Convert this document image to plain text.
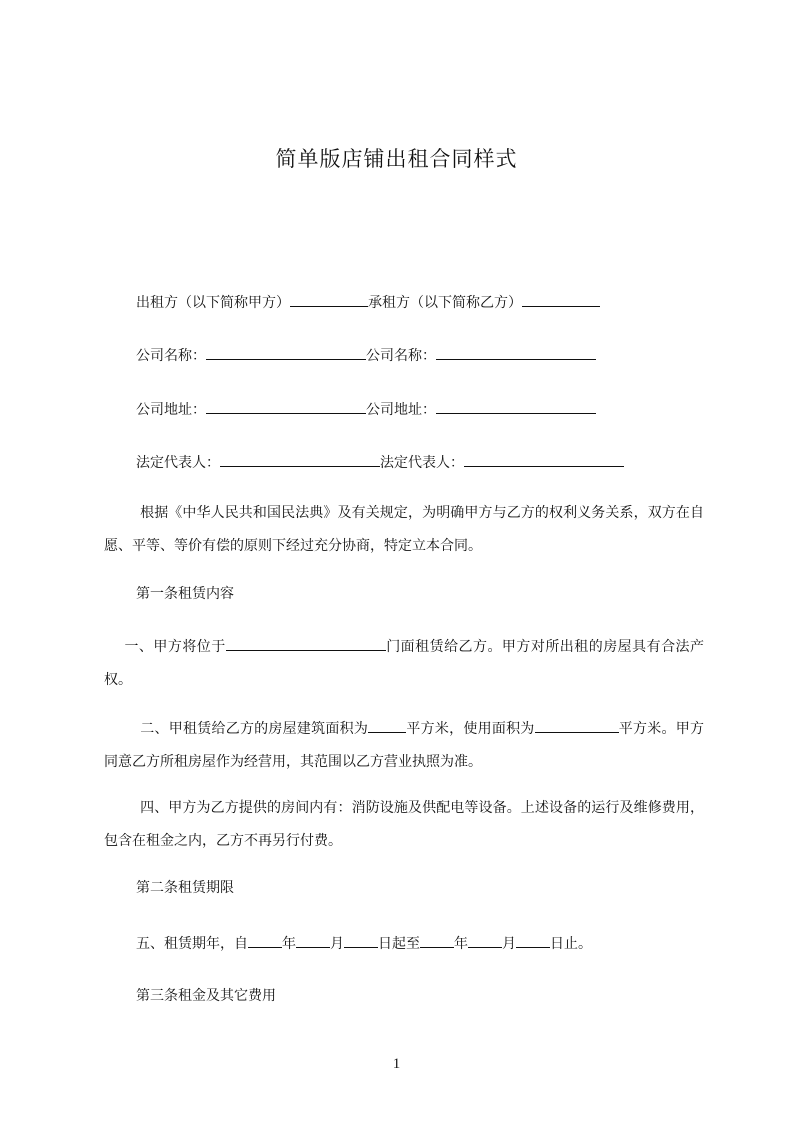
简单版店铺出租合同样式
出租方（以下简称甲方）	承租方（以下简称乙方）
公司名称：	公司名称：
公司地址：	公司地址：
法定代表人：	法定代表人：
根据《中华人民共和国民法典》及有关规定，为明确甲方与乙方的权利义务关系，双方在自愿、平等、等价有偿的原则下经过充分协商，特定立本合同。
第一条租赁内容
一、甲方将位于	门面租赁给乙方。甲方对所出租的房屋具有合法产权。
二、甲租赁给乙方的房屋建筑面积为	平方米，使用面积为	平方米。甲方同意乙方所租房屋作为经营用，其范围以乙方营业执照为准。
四、甲方为乙方提供的房间内有：消防设施及供配电等设备。上述设备的运行及维修费用，包含在租金之内，乙方不再另行付费。
第二条租赁期限
五、租赁期年，自 年 月 日起至 年 月 日止。
第三条租金及其它费用
1
